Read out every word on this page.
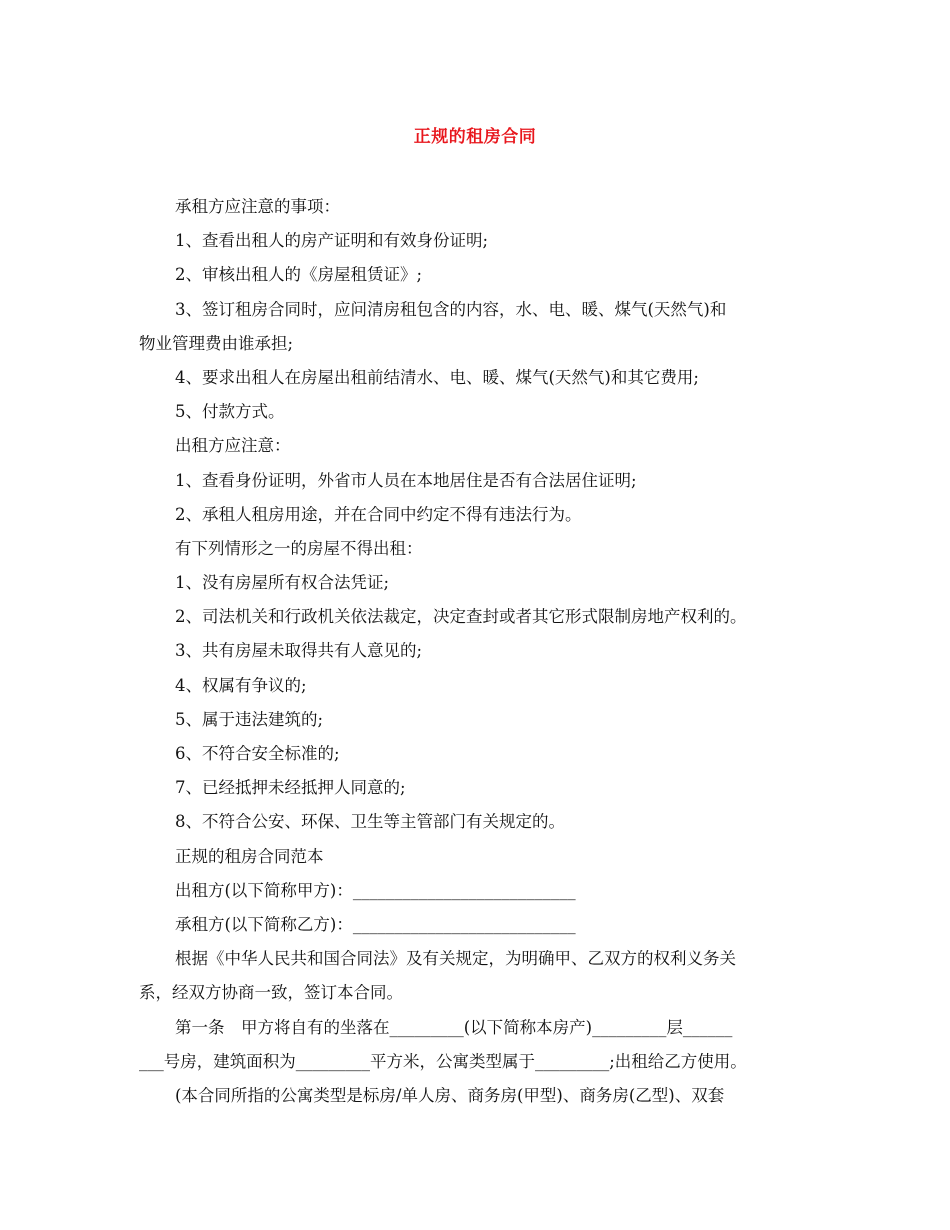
正规的租房合同
承租方应注意的事项：
1、查看出租人的房产证明和有效身份证明;
2、审核出租人的《房屋租赁证》;
3、签订租房合同时，应问清房租包含的内容，水、电、暖、煤气(天然气)和
物业管理费由谁承担;
4、要求出租人在房屋出租前结清水、电、暖、煤气(天然气)和其它费用;
5、付款方式。
出租方应注意：
1、查看身份证明，外省市人员在本地居住是否有合法居住证明;
2、承租人租房用途，并在合同中约定不得有违法行为。
有下列情形之一的房屋不得出租：
1、没有房屋所有权合法凭证;
2、司法机关和行政机关依法裁定，决定查封或者其它形式限制房地产权利的。
3、共有房屋未取得共有人意见的;
4、权属有争议的;
5、属于违法建筑的;
6、不符合安全标准的;
7、已经抵押未经抵押人同意的;
8、不符合公安、环保、卫生等主管部门有关规定的。
正规的租房合同范本
出租方(以下简称甲方)：___________________________
承租方(以下简称乙方)：___________________________
根据《中华人民共和国合同法》及有关规定，为明确甲、乙双方的权利义务关
系，经双方协商一致，签订本合同。
第一条　甲方将自有的坐落在_________(以下简称本房产)_________层______
___号房，建筑面积为_________平方米，公寓类型属于_________;出租给乙方使用。
(本合同所指的公寓类型是标房/单人房、商务房(甲型)、商务房(乙型)、双套
